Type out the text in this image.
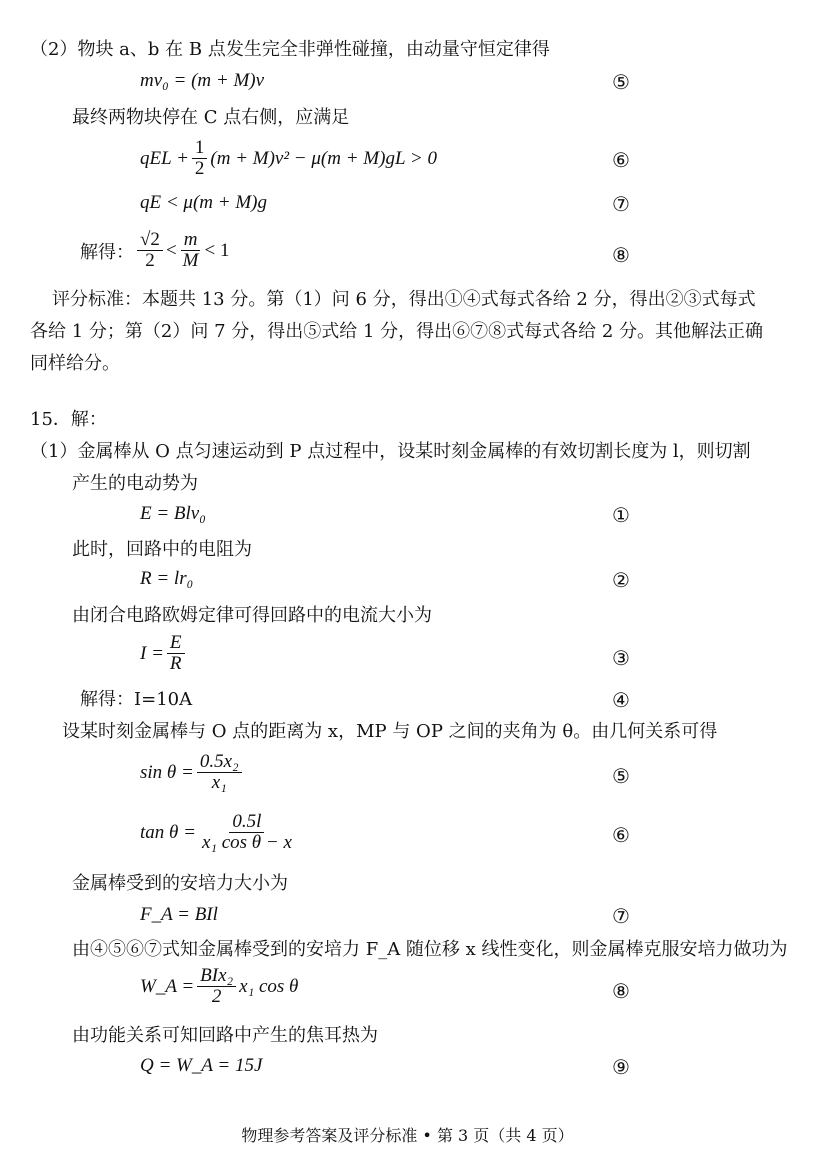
（2）物块 a、b 在 B 点发生完全非弹性碰撞，由动量守恒定律得
mv₀ = (m + M)v	⑤
最终两物块停在 C 点右侧，应满足
qEL + $\frac{1}{2} (m + M)v^2 - \mu(m + M)gL > 0$	⑥
qE < μ(m + M)g	⑦
解得： $\frac{√2}{2} < \frac{m}{M} < 1$	⑧
评分标准：本题共 13 分。第（1）问 6 分，得出①④式每式各给 2 分，得出②③式每式
各给 1 分；第（2）问 7 分，得出⑤式给 1 分，得出⑥⑦⑧式每式各给 2 分。其他解法正确
同样给分。
15．解：
（1）金属棒从 O 点匀速运动到 P 点过程中，设某时刻金属棒的有效切割长度为 l，则切割
产生的电动势为
E = Blv₀	①
此时，回路中的电阻为
R = lr₀	②
由闭合电路欧姆定律可得回路中的电流大小为
$I = \frac{E}{R}$	③
解得：I=10A	④
设某时刻金属棒与 O 点的距离为 x，MP 与 OP 之间的夹角为 θ。由几何关系可得
$\sin \theta = \frac{\text{0.5x₂}}{\text{x₁}}$	⑤
$\tan \theta = \frac{0.5l}{\text{x₁ cos θ − x}}$	⑥
金属棒受到的安培力大小为
F_A = BIl	⑦
由④⑤⑥⑦式知金属棒受到的安培力 F_A 随位移 x 线性变化，则金属棒克服安培力做功为
W_A = $\frac{\text{BIx₂}}{2} x_1$ cos θ	⑧
由功能关系可知回路中产生的焦耳热为
Q = W_A = 15J	⑨
物理参考答案及评分标准 • 第 3 页（共 4 页）
